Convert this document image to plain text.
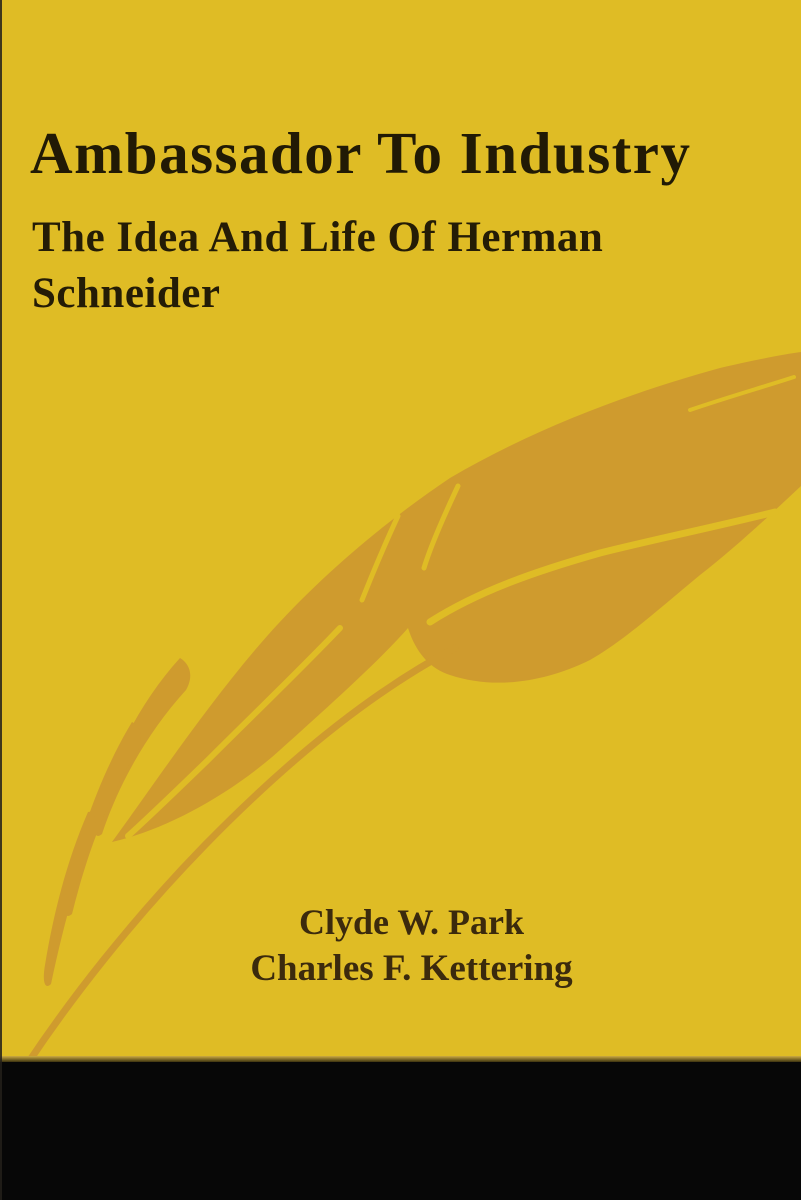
Ambassador To Industry
The Idea And Life Of Herman Schneider
Clyde W. Park
Charles F. Kettering
